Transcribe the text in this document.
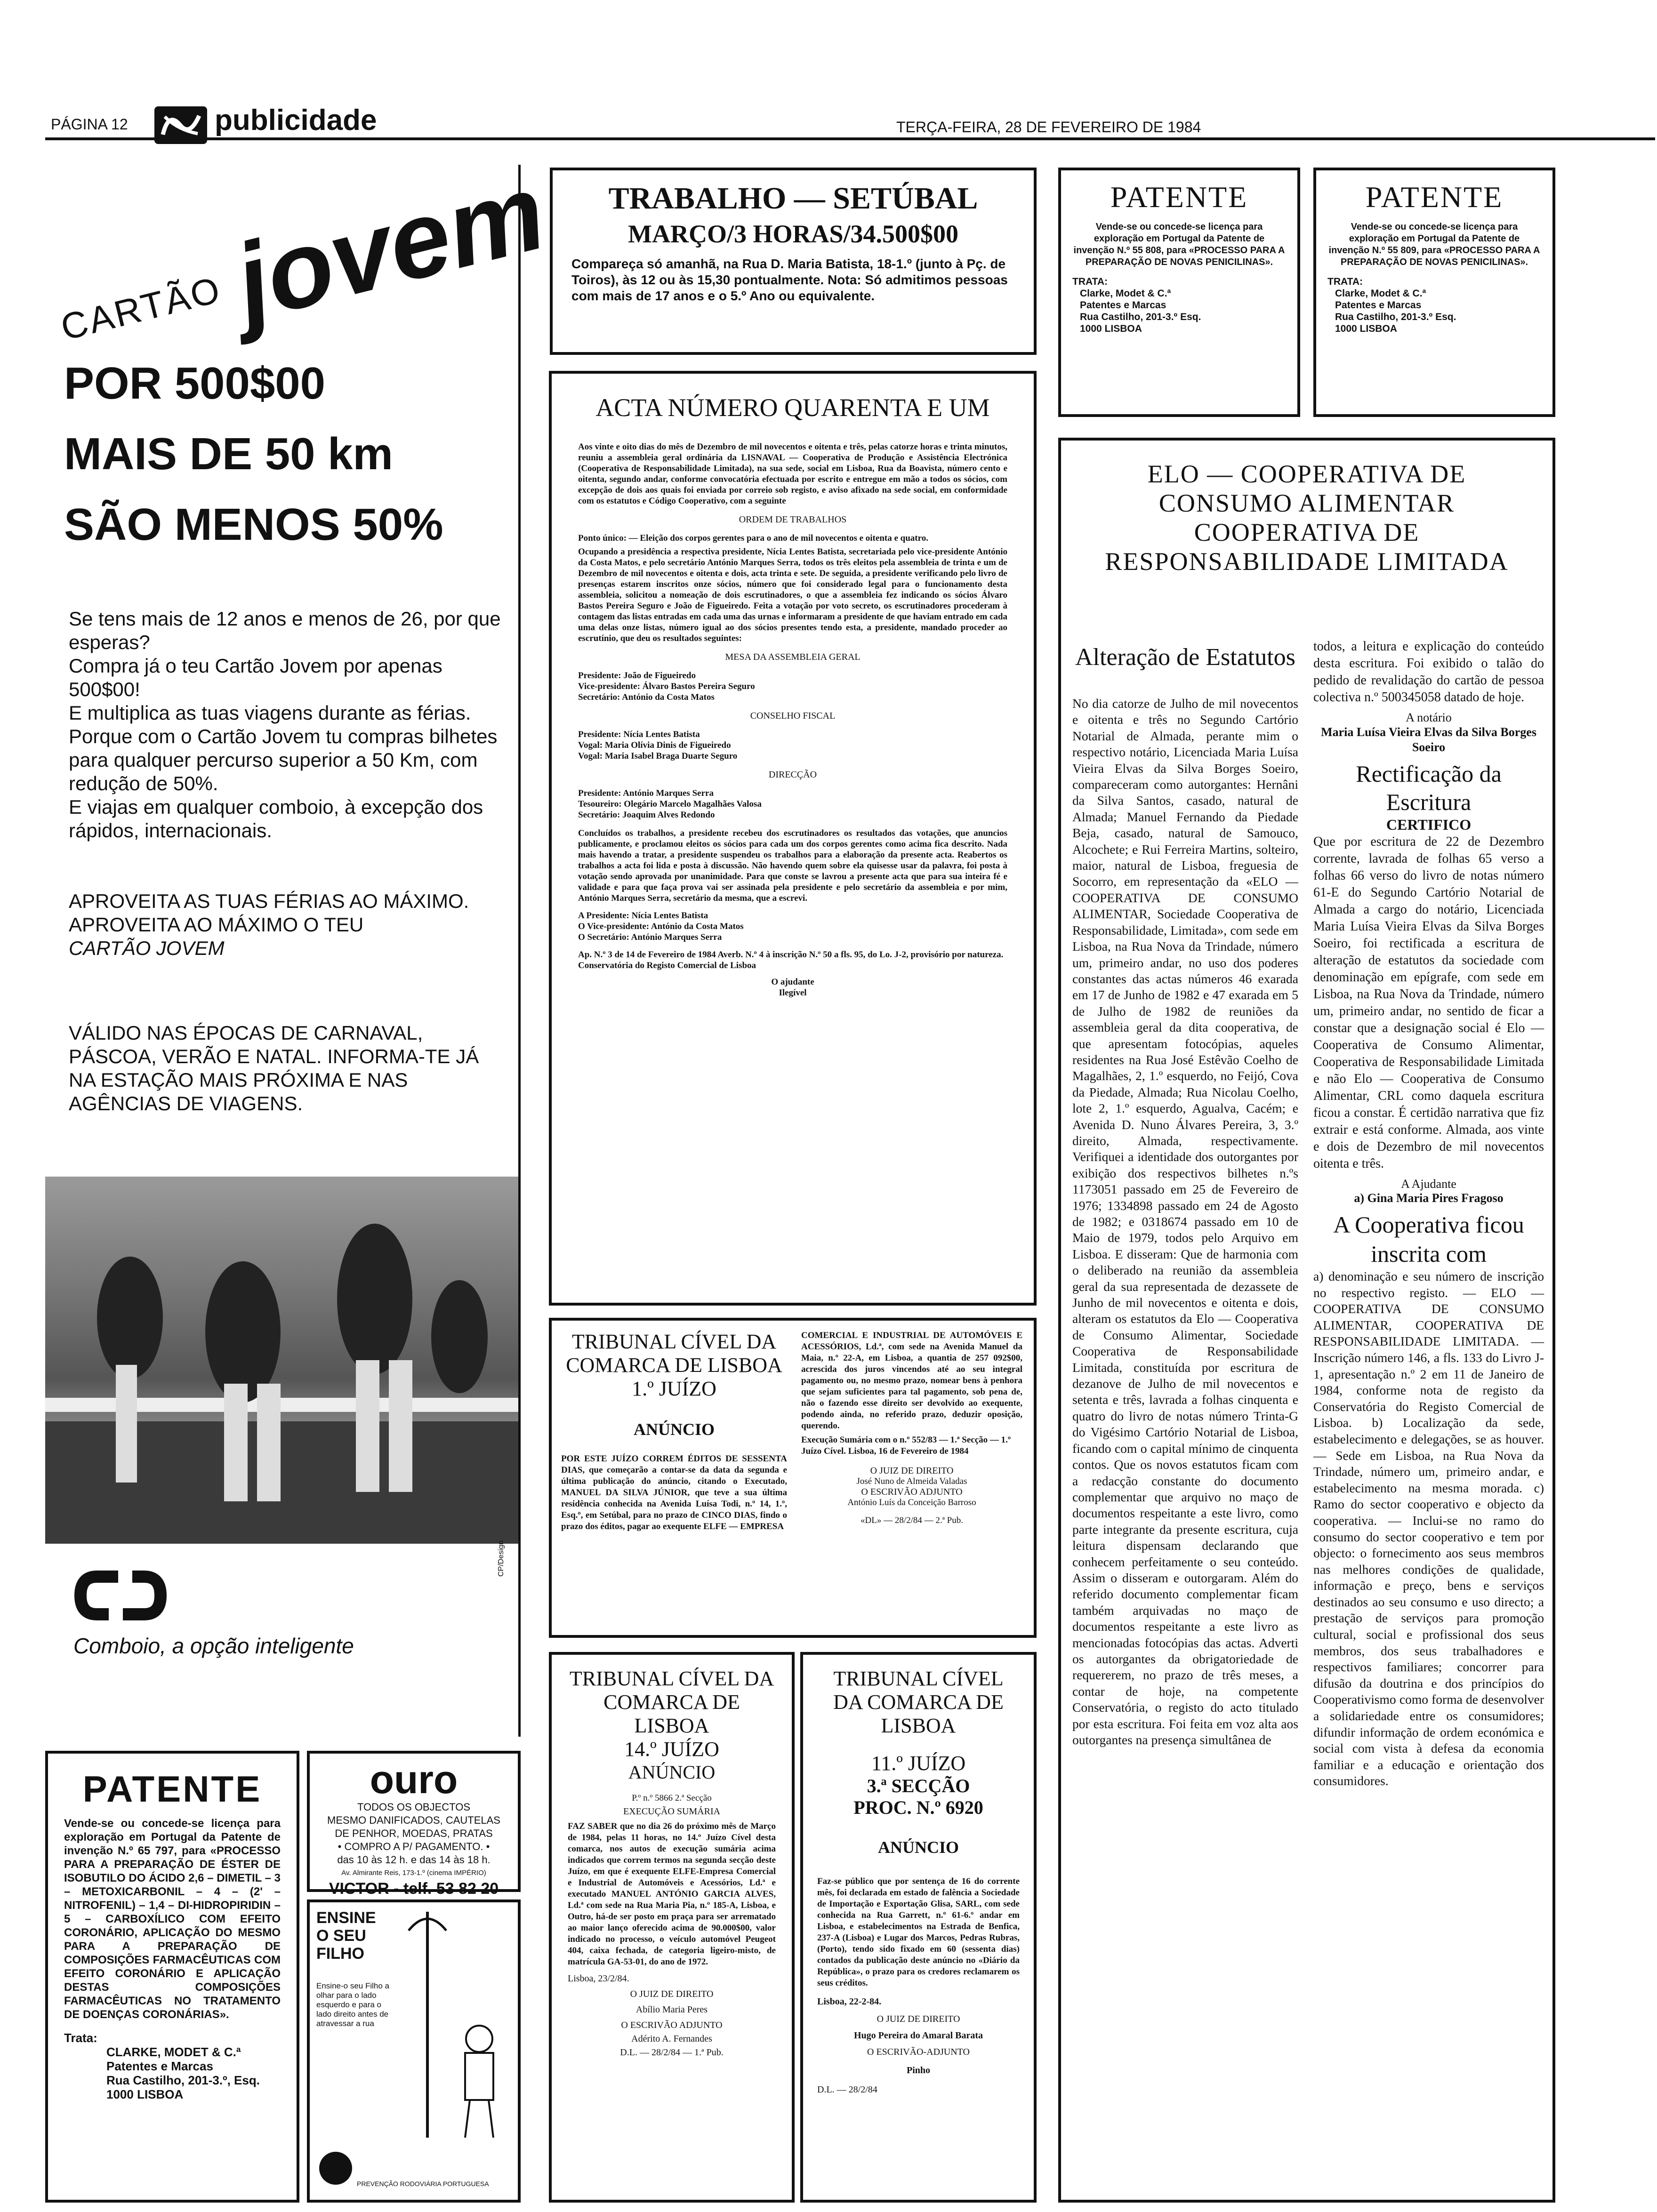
PÁGINA 12	publicidade	TERÇA-FEIRA, 28 DE FEVEREIRO DE 1984
CARTÃO
jovem
POR 500$00
MAIS DE 50 km
SÃO MENOS 50%
Se tens mais de 12 anos e menos de 26, por que esperas?
Compra já o teu Cartão Jovem por apenas 500$00!
E multiplica as tuas viagens durante as férias.
Porque com o Cartão Jovem tu compras bilhetes para qualquer percurso superior a 50 Km, com redução de 50%.
E viajas em qualquer comboio, à excepção dos rápidos, internacionais.
APROVEITA AS TUAS FÉRIAS AO MÁXIMO.
APROVEITA AO MÁXIMO O TEU
CARTÃO JOVEM
VÁLIDO NAS ÉPOCAS DE CARNAVAL, PÁSCOA, VERÃO E NATAL. INFORMA-TE JÁ NA ESTAÇÃO MAIS PRÓXIMA E NAS AGÊNCIAS DE VIAGENS.
Comboio, a opção inteligente
CP/Design
PATENTE
Vende-se ou concede-se licença para exploração em Portugal da Patente de invenção N.º 65 797, para «PROCESSO PARA A PREPARAÇÃO DE ÉSTER DE ISOBUTILO DO ÁCIDO 2,6 – DIMETIL – 3 – METOXICARBONIL – 4 – (2' – NITROFENIL) – 1,4 – DI-HIDROPIRIDIN – 5 – CARBOXÍLICO COM EFEITO CORONÁRIO, APLICAÇÃO DO MESMO PARA A PREPARAÇÃO DE COMPOSIÇÕES FARMACÊUTICAS COM EFEITO CORONÁRIO E APLICAÇÃO DESTAS COMPOSIÇÕES FARMACÊUTICAS NO TRATAMENTO DE DOENÇAS CORONÁRIAS».
Trata:
CLARKE, MODET & C.ª
Patentes e Marcas
Rua Castilho, 201-3.º, Esq.
1000 LISBOA
ouro
TODOS OS OBJECTOS
MESMO DANIFICADOS, CAUTELAS
DE PENHOR, MOEDAS, PRATAS
• COMPRO A P/ PAGAMENTO. •
das 10 às 12 h. e das 14 às 18 h.
Av. Almirante Reis, 173-1.º (cinema IMPÉRIO)
VICTOR - telf. 53 82 20
ENSINE O SEU FILHO
Ensine-o seu Filho a olhar para o lado esquerdo e para o lado direito antes de atravessar a rua
PREVENÇÃO RODOVIÁRIA PORTUGUESA
TRABALHO — SETÚBAL
MARÇO/3 HORAS/34.500$00
Compareça só amanhã, na Rua D. Maria Batista, 18-1.º (junto à Pç. de Toiros), às 12 ou às 15,30 pontualmente. Nota: Só admitimos pessoas com mais de 17 anos e o 5.º Ano ou equivalente.
PATENTE
Vende-se ou concede-se licença para exploração em Portugal da Patente de invenção N.º 55 808, para «PROCESSO PARA A PREPARAÇÃO DE NOVAS PENICILINAS».
TRATA:
Clarke, Modet & C.ª
Patentes e Marcas
Rua Castilho, 201-3.º Esq.
1000 LISBOA
PATENTE
Vende-se ou concede-se licença para exploração em Portugal da Patente de invenção N.º 55 809, para «PROCESSO PARA A PREPARAÇÃO DE NOVAS PENICILINAS».
TRATA:
Clarke, Modet & C.ª
Patentes e Marcas
Rua Castilho, 201-3.º Esq.
1000 LISBOA
ACTA NÚMERO QUARENTA E UM
Aos vinte e oito dias do mês de Dezembro de mil novecentos e oitenta e três, pelas catorze horas e trinta minutos, reuniu a assembleia geral ordinária da LISNAVAL — Cooperativa de Produção e Assistência Electrónica (Cooperativa de Responsabilidade Limitada), na sua sede, social em Lisboa, Rua da Boavista, número cento e oitenta, segundo andar, conforme convocatória efectuada por escrito e entregue em mão a todos os sócios, com excepção de dois aos quais foi enviada por correio sob registo, e aviso afixado na sede social, em conformidade com os estatutos e Código Cooperativo, com a seguinte
ORDEM DE TRABALHOS
Ponto único: — Eleição dos corpos gerentes para o ano de mil novecentos e oitenta e quatro.
Ocupando a presidência a respectiva presidente, Nícia Lentes Batista, secretariada pelo vice-presidente António da Costa Matos, e pelo secretário António Marques Serra, todos os três eleitos pela assembleia de trinta e um de Dezembro de mil novecentos e oitenta e dois, acta trinta e sete. De seguida, a presidente verificando pelo livro de presenças estarem inscritos onze sócios, número que foi considerado legal para o funcionamento desta assembleia, solicitou a nomeação de dois escrutinadores, o que a assembleia fez indicando os sócios Álvaro Bastos Pereira Seguro e João de Figueiredo. Feita a votação por voto secreto, os escrutinadores procederam à contagem das listas entradas em cada uma das urnas e informaram a presidente de que haviam entrado em cada uma delas onze listas, número igual ao dos sócios presentes tendo esta, a presidente, mandado proceder ao escrutínio, que deu os resultados seguintes:
MESA DA ASSEMBLEIA GERAL
Presidente: João de Figueiredo
Vice-presidente: Álvaro Bastos Pereira Seguro
Secretário: António da Costa Matos
CONSELHO FISCAL
Presidente: Nícia Lentes Batista
Vogal: Maria Olívia Dinis de Figueiredo
Vogal: Maria Isabel Braga Duarte Seguro
DIRECÇÃO
Presidente: António Marques Serra
Tesoureiro: Olegário Marcelo Magalhães Valosa
Secretário: Joaquim Alves Redondo
Concluídos os trabalhos, a presidente recebeu dos escrutinadores os resultados das votações, que anuncios publicamente, e proclamou eleitos os sócios para cada um dos corpos gerentes como acima fica descrito. Nada mais havendo a tratar, a presidente suspendeu os trabalhos para a elaboração da presente acta. Reabertos os trabalhos a acta foi lida e posta à discussão. Não havendo quem sobre ela quisesse usar da palavra, foi posta à votação sendo aprovada por unanimidade. Para que conste se lavrou a presente acta que para sua inteira fé e validade e para que faça prova vai ser assinada pela presidente e pelo secretário da assembleia e por mim, António Marques Serra, secretário da mesma, que a escrevi.
A Presidente: Nícia Lentes Batista
O Vice-presidente: António da Costa Matos
O Secretário: António Marques Serra
Ap. N.º 3 de 14 de Fevereiro de 1984 Averb. N.º 4 à inscrição N.º 50 a fls. 95, do Lo. J-2, provisório por natureza. Conservatória do Registo Comercial de Lisboa
O ajudante
Ilegível
TRIBUNAL CÍVEL DA COMARCA DE LISBOA
1.º JUÍZO
ANÚNCIO
POR ESTE JUÍZO CORREM ÉDITOS DE SESSENTA DIAS, que começarão a contar-se da data da segunda e última publicação do anúncio, citando o Executado, MANUEL DA SILVA JÚNIOR, que teve a sua última residência conhecida na Avenida Luísa Todi, n.º 14, 1.º, Esq.º, em Setúbal, para no prazo de CINCO DIAS, findo o prazo dos éditos, pagar ao exequente ELFE — EMPRESA
COMERCIAL E INDUSTRIAL DE AUTOMÓVEIS E ACESSÓRIOS, Ld.ª, com sede na Avenida Manuel da Maia, n.º 22-A, em Lisboa, a quantia de 257 092$00, acrescida dos juros vincendos até ao seu integral pagamento ou, no mesmo prazo, nomear bens à penhora que sejam suficientes para tal pagamento, sob pena de, não o fazendo esse direito ser devolvido ao exequente, podendo ainda, no referido prazo, deduzir oposição, querendo.
Execução Sumária com o n.º 552/83 — 1.ª Secção — 1.º Juízo Cível. Lisboa, 16 de Fevereiro de 1984
O JUIZ DE DIREITO
José Nuno de Almeida Valadas
O ESCRIVÃO ADJUNTO
António Luís da Conceição Barroso
«DL» — 28/2/84 — 2.ª Pub.
TRIBUNAL CÍVEL DA COMARCA DE LISBOA
14.º JUÍZO
ANÚNCIO
P.º n.º 5866 2.ª Secção
EXECUÇÃO SUMÁRIA
FAZ SABER que no dia 26 do próximo mês de Março de 1984, pelas 11 horas, no 14.º Juízo Cível desta comarca, nos autos de execução sumária acima indicados que correm termos na segunda secção deste Juízo, em que é exequente ELFE-Empresa Comercial e Industrial de Automóveis e Acessórios, Ld.ª e executado MANUEL ANTÓNIO GARCIA ALVES, Ld.ª com sede na Rua Maria Pia, n.º 185-A, Lisboa, e Outro, há-de ser posto em praça para ser arrematado ao maior lanço oferecido acima de 90.000$00, valor indicado no processo, o veículo automóvel Peugeot 404, caixa fechada, de categoria ligeiro-misto, de matrícula GA-53-01, do ano de 1972.
Lisboa, 23/2/84.
O JUIZ DE DIREITO
Abílio Maria Peres
O ESCRIVÃO ADJUNTO
Adérito A. Fernandes
D.L. — 28/2/84 — 1.ª Pub.
TRIBUNAL CÍVEL DA COMARCA DE LISBOA
11.º JUÍZO
3.ª SECÇÃO
PROC. N.º 6920
ANÚNCIO
Faz-se público que por sentença de 16 do corrente mês, foi declarada em estado de falência a Sociedade de Importação e Exportação Glisa, SARL, com sede conhecida na Rua Garrett, n.º 61-6.º andar em Lisboa, e estabelecimentos na Estrada de Benfica, 237-A (Lisboa) e Lugar dos Marcos, Pedras Rubras, (Porto), tendo sido fixado em 60 (sessenta dias) contados da publicação deste anúncio no «Diário da República», o prazo para os credores reclamarem os seus créditos.
Lisboa, 22-2-84.
O JUIZ DE DIREITO
Hugo Pereira do Amaral Barata
O ESCRIVÃO-ADJUNTO
Pinho
D.L. — 28/2/84
ELO — COOPERATIVA DE CONSUMO ALIMENTAR COOPERATIVA DE RESPONSABILIDADE LIMITADA
Alteração de Estatutos
No dia catorze de Julho de mil novecentos e oitenta e três no Segundo Cartório Notarial de Almada, perante mim o respectivo notário, Licenciada Maria Luísa Vieira Elvas da Silva Borges Soeiro, compareceram como autorgantes: Hernâni da Silva Santos, casado, natural de Almada; Manuel Fernando da Piedade Beja, casado, natural de Samouco, Alcochete; e Rui Ferreira Martins, solteiro, maior, natural de Lisboa, freguesia de Socorro, em representação da «ELO — COOPERATIVA DE CONSUMO ALIMENTAR, Sociedade Cooperativa de Responsabilidade, Limitada», com sede em Lisboa, na Rua Nova da Trindade, número um, primeiro andar, no uso dos poderes constantes das actas números 46 exarada em 17 de Junho de 1982 e 47 exarada em 5 de Julho de 1982 de reuniões da assembleia geral da dita cooperativa, de que apresentam fotocópias, aqueles residentes na Rua José Estêvão Coelho de Magalhães, 2, 1.º esquerdo, no Feijó, Cova da Piedade, Almada; Rua Nicolau Coelho, lote 2, 1.º esquerdo, Agualva, Cacém; e Avenida D. Nuno Álvares Pereira, 3, 3.º direito, Almada, respectivamente. Verifiquei a identidade dos outorgantes por exibição dos respectivos bilhetes n.ºs 1173051 passado em 25 de Fevereiro de 1976; 1334898 passado em 24 de Agosto de 1982; e 0318674 passado em 10 de Maio de 1979, todos pelo Arquivo em Lisboa. E disseram: Que de harmonia com o deliberado na reunião da assembleia geral da sua representada de dezassete de Junho de mil novecentos e oitenta e dois, alteram os estatutos da Elo — Cooperativa de Consumo Alimentar, Sociedade Cooperativa de Responsabilidade Limitada, constituída por escritura de dezanove de Julho de mil novecentos e setenta e três, lavrada a folhas cinquenta e quatro do livro de notas número Trinta-G do Vigésimo Cartório Notarial de Lisboa, ficando com o capital mínimo de cinquenta contos. Que os novos estatutos ficam com a redacção constante do documento complementar que arquivo no maço de documentos respeitante a este livro, como parte integrante da presente escritura, cuja leitura dispensam declarando que conhecem perfeitamente o seu conteúdo. Assim o disseram e outorgaram. Além do referido documento complementar ficam também arquivadas no maço de documentos respeitante a este livro as mencionadas fotocópias das actas. Adverti os autorgantes da obrigatoriedade de requererem, no prazo de três meses, a contar de hoje, na competente Conservatória, o registo do acto titulado por esta escritura. Foi feita em voz alta aos outorgantes na presença simultânea de
todos, a leitura e explicação do conteúdo desta escritura. Foi exibido o talão do pedido de revalidação do cartão de pessoa colectiva n.º 500345058 datado de hoje.
A notário
Maria Luísa Vieira Elvas da Silva Borges Soeiro
Rectificação da Escritura
CERTIFICO
Que por escritura de 22 de Dezembro corrente, lavrada de folhas 65 verso a folhas 66 verso do livro de notas número 61-E do Segundo Cartório Notarial de Almada a cargo do notário, Licenciada Maria Luísa Vieira Elvas da Silva Borges Soeiro, foi rectificada a escritura de alteração de estatutos da sociedade com denominação em epígrafe, com sede em Lisboa, na Rua Nova da Trindade, número um, primeiro andar, no sentido de ficar a constar que a designação social é Elo — Cooperativa de Consumo Alimentar, Cooperativa de Responsabilidade Limitada e não Elo — Cooperativa de Consumo Alimentar, CRL como daquela escritura ficou a constar. É certidão narrativa que fiz extrair e está conforme. Almada, aos vinte e dois de Dezembro de mil novecentos oitenta e três.
A Ajudante
a) Gina Maria Pires Fragoso
A Cooperativa ficou inscrita com
a) denominação e seu número de inscrição no respectivo registo. — ELO — COOPERATIVA DE CONSUMO ALIMENTAR, COOPERATIVA DE RESPONSABILIDADE LIMITADA. — Inscrição número 146, a fls. 133 do Livro J-1, apresentação n.º 2 em 11 de Janeiro de 1984, conforme nota de registo da Conservatória do Registo Comercial de Lisboa. b) Localização da sede, estabelecimento e delegações, se as houver. — Sede em Lisboa, na Rua Nova da Trindade, número um, primeiro andar, e estabelecimento na mesma morada. c) Ramo do sector cooperativo e objecto da cooperativa. — Inclui-se no ramo do consumo do sector cooperativo e tem por objecto: o fornecimento aos seus membros nas melhores condições de qualidade, informação e preço, bens e serviços destinados ao seu consumo e uso directo; a prestação de serviços para promoção cultural, social e profissional dos seus membros, dos seus trabalhadores e respectivos familiares; concorrer para difusão da doutrina e dos princípios do Cooperativismo como forma de desenvolver a solidariedade entre os consumidores; difundir informação de ordem económica e social com vista à defesa da economia familiar e a educação e orientação dos consumidores.
